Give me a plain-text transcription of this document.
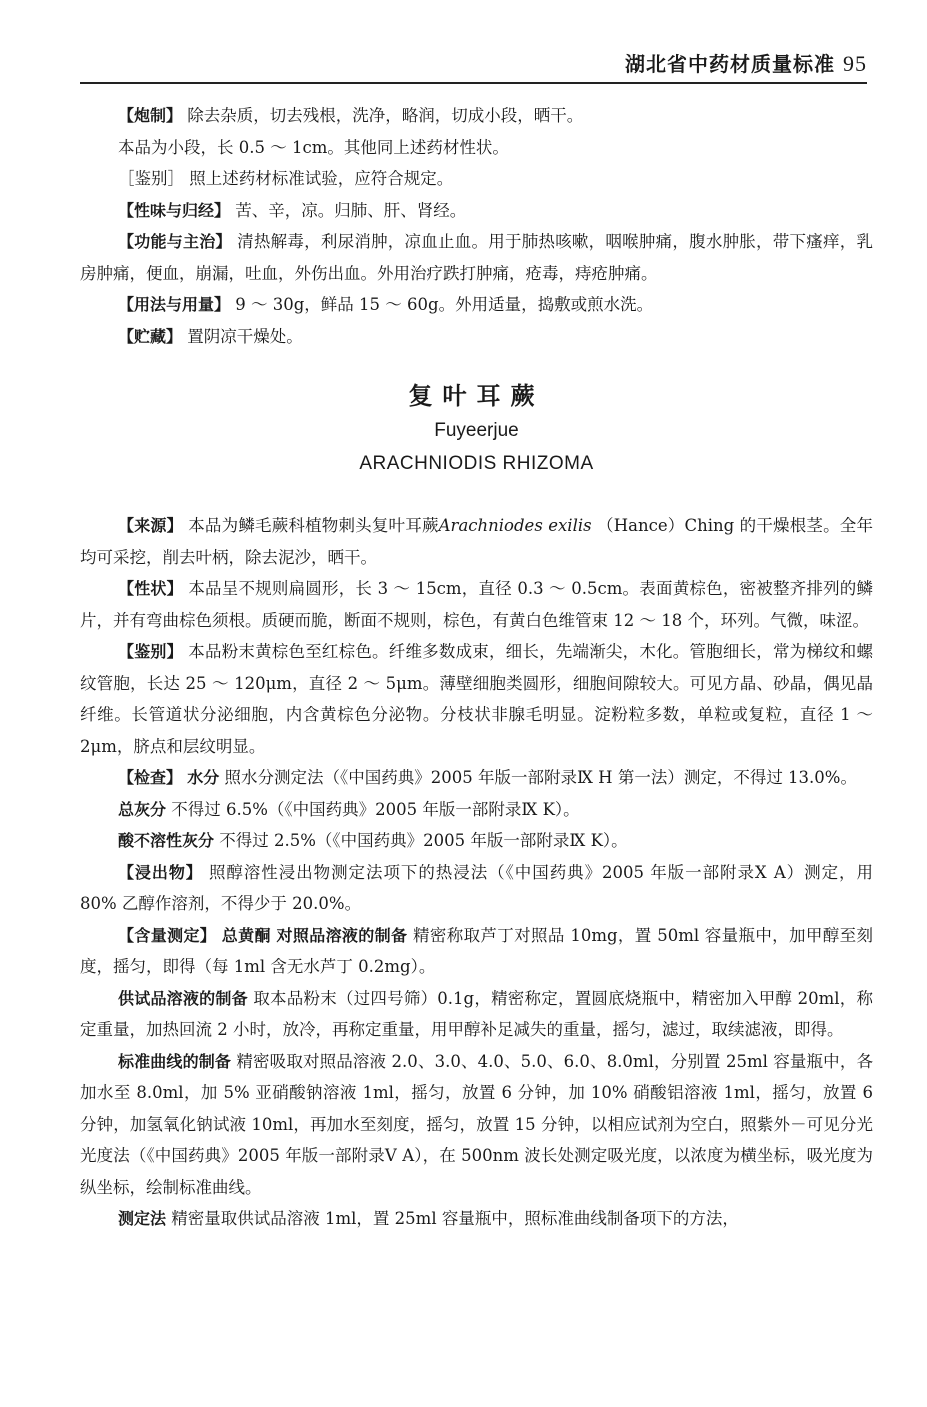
湖北省中药材质量标准 95

【炮制】 除去杂质，切去残根，洗净，略润，切成小段，晒干。

本品为小段，长 0.5 ～ 1cm。其他同上述药材性状。

［鉴别］ 照上述药材标准试验，应符合规定。

【性味与归经】 苦、辛，凉。归肺、肝、肾经。

【功能与主治】 清热解毒，利尿消肿，凉血止血。用于肺热咳嗽，咽喉肿痛，腹水肿胀，带下瘙痒，乳房肿痛，便血，崩漏，吐血，外伤出血。外用治疗跌打肿痛，疮毒，痔疮肿痛。

【用法与用量】 9 ～ 30g，鲜品 15 ～ 60g。外用适量，捣敷或煎水洗。

【贮藏】 置阴凉干燥处。

复叶耳蕨
Fuyeerjue
ARACHNIODIS RHIZOMA

【来源】 本品为鳞毛蕨科植物刺头复叶耳蕨Arachniodes exilis （Hance）Ching 的干燥根茎。全年均可采挖，削去叶柄，除去泥沙，晒干。

【性状】 本品呈不规则扁圆形，长 3 ～ 15cm，直径 0.3 ～ 0.5cm。表面黄棕色，密被整齐排列的鳞片，并有弯曲棕色须根。质硬而脆，断面不规则，棕色，有黄白色维管束 12 ～ 18 个，环列。气微，味涩。

【鉴别】 本品粉末黄棕色至红棕色。纤维多数成束，细长，先端渐尖，木化。管胞细长，常为梯纹和螺纹管胞，长达 25 ～ 120μm，直径 2 ～ 5μm。薄壁细胞类圆形，细胞间隙较大。可见方晶、砂晶，偶见晶纤维。长管道状分泌细胞，内含黄棕色分泌物。分枝状非腺毛明显。淀粉粒多数，单粒或复粒，直径 1 ～ 2μm，脐点和层纹明显。

【检查】 水分 照水分测定法（《中国药典》2005 年版一部附录Ⅸ H 第一法）测定，不得过 13.0%。

总灰分 不得过 6.5%（《中国药典》2005 年版一部附录Ⅸ K）。

酸不溶性灰分 不得过 2.5%（《中国药典》2005 年版一部附录Ⅸ K）。

【浸出物】 照醇溶性浸出物测定法项下的热浸法（《中国药典》2005 年版一部附录Ⅹ A）测定，用 80% 乙醇作溶剂，不得少于 20.0%。

【含量测定】 总黄酮 对照品溶液的制备 精密称取芦丁对照品 10mg，置 50ml 容量瓶中，加甲醇至刻度，摇匀，即得（每 1ml 含无水芦丁 0.2mg）。

供试品溶液的制备 取本品粉末（过四号筛）0.1g，精密称定，置圆底烧瓶中，精密加入甲醇 20ml，称定重量，加热回流 2 小时，放冷，再称定重量，用甲醇补足减失的重量，摇匀，滤过，取续滤液，即得。

标准曲线的制备 精密吸取对照品溶液 2.0、3.0、4.0、5.0、6.0、8.0ml，分别置 25ml 容量瓶中，各加水至 8.0ml，加 5% 亚硝酸钠溶液 1ml，摇匀，放置 6 分钟，加 10% 硝酸铝溶液 1ml，摇匀，放置 6 分钟，加氢氧化钠试液 10ml，再加水至刻度，摇匀，放置 15 分钟，以相应试剂为空白，照紫外－可见分光光度法（《中国药典》2005 年版一部附录Ⅴ A），在 500nm 波长处测定吸光度，以浓度为横坐标，吸光度为纵坐标，绘制标准曲线。

测定法 精密量取供试品溶液 1ml，置 25ml 容量瓶中，照标准曲线制备项下的方法，
